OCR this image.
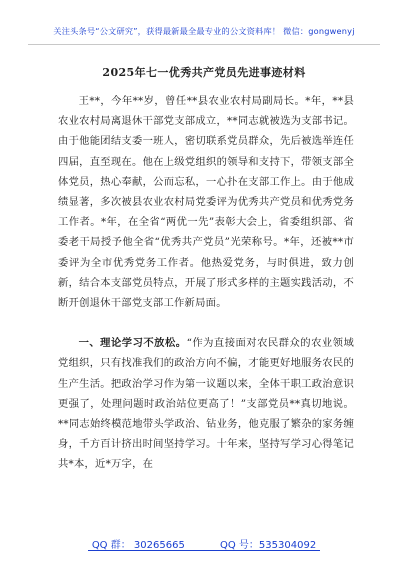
关注头条号“公文研究”，获得最新最全最专业的公文资料库！ 微信：gongwenyj
2025年七一优秀共产党员先进事迹材料

王**，今年**岁，曾任**县农业农村局副局长。*年，**县农业农村局离退休干部党支部成立，**同志就被选为支部书记。由于他能团结支委一班人，密切联系党员群众，先后被选举连任四届，直至现在。他在上级党组织的领导和支持下，带领支部全体党员，热心奉献，公而忘私，一心扑在支部工作上。由于他成绩显著，多次被县农业农村局党委评为优秀共产党员和优秀党务工作者。*年，在全省“两优一先”表彰大会上，省委组织部、省委老干局授予他全省“优秀共产党员”光荣称号。*年，还被**市委评为全市优秀党务工作者。他热爱党务，与时俱进，致力创新，结合本支部党员特点，开展了形式多样的主题实践活动，不断开创退休干部党支部工作新局面。

一、理论学习不放松。“作为直接面对农民群众的农业领域党组织，只有找准我们的政治方向不偏，才能更好地服务农民的生产生活。把政治学习作为第一议题以来，全体干职工政治意识更强了，处理问题时政治站位更高了！”支部党员**真切地说。**同志始终模范地带头学政治、钻业务，他克服了繁杂的家务缠身，千方百计挤出时间坚持学习。十年来，坚持写学习心得笔记共*本，近*万字，在

QQ 群： 30265665	QQ 号：535304092
